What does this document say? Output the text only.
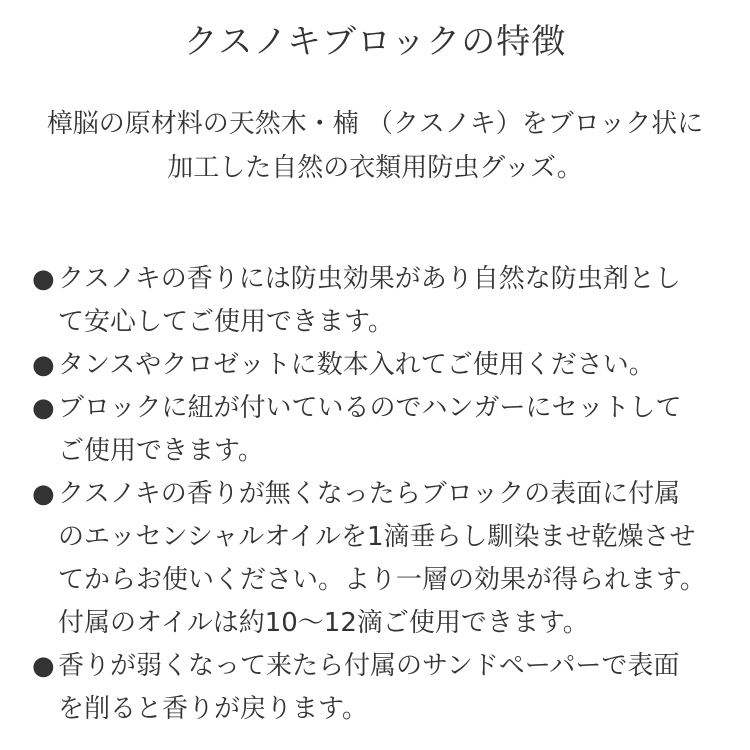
クスノキブロックの特徴
樟脳の原材料の天然木・楠 （クスノキ）をブロック状に
加工した自然の衣類用防虫グッズ。
● クスノキの香りには防虫効果があり自然な防虫剤とし
て安心してご使用できます。
● タンスやクロゼットに数本入れてご使用ください。
● ブロックに紐が付いているのでハンガーにセットして
ご使用できます。
● クスノキの香りが無くなったらブロックの表面に付属
のエッセンシャルオイルを1滴垂らし馴染ませ乾燥させ
てからお使いください。より一層の効果が得られます。
付属のオイルは約10～12滴ご使用できます。
● 香りが弱くなって来たら付属のサンドペーパーで表面
を削ると香りが戻ります。
